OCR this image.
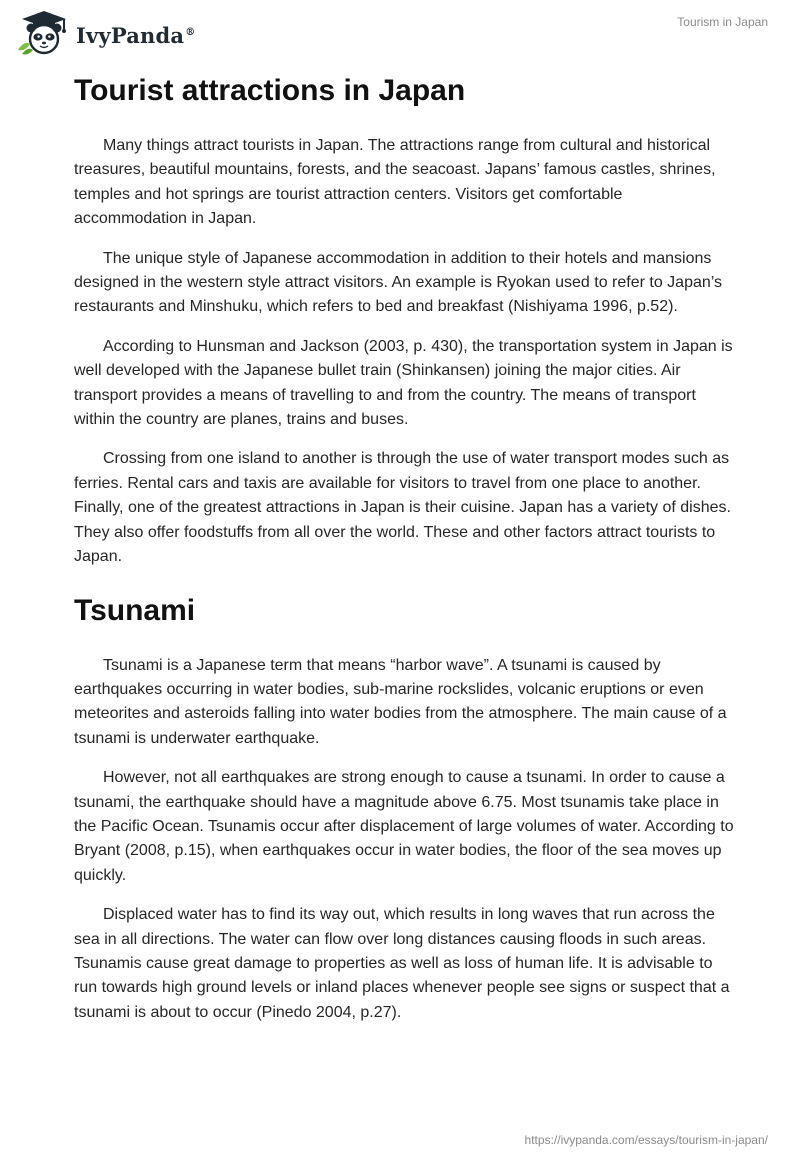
IvyPanda®
Tourism in Japan
Tourist attractions in Japan

Many things attract tourists in Japan. The attractions range from cultural and historical treasures, beautiful mountains, forests, and the seacoast. Japans’ famous castles, shrines, temples and hot springs are tourist attraction centers. Visitors get comfortable accommodation in Japan.

The unique style of Japanese accommodation in addition to their hotels and mansions designed in the western style attract visitors. An example is Ryokan used to refer to Japan’s restaurants and Minshuku, which refers to bed and breakfast (Nishiyama 1996, p.52).

According to Hunsman and Jackson (2003, p. 430), the transportation system in Japan is well developed with the Japanese bullet train (Shinkansen) joining the major cities. Air transport provides a means of travelling to and from the country. The means of transport within the country are planes, trains and buses.

Crossing from one island to another is through the use of water transport modes such as ferries. Rental cars and taxis are available for visitors to travel from one place to another. Finally, one of the greatest attractions in Japan is their cuisine. Japan has a variety of dishes. They also offer foodstuffs from all over the world. These and other factors attract tourists to Japan.

Tsunami

Tsunami is a Japanese term that means “harbor wave”. A tsunami is caused by earthquakes occurring in water bodies, sub-marine rockslides, volcanic eruptions or even meteorites and asteroids falling into water bodies from the atmosphere. The main cause of a tsunami is underwater earthquake.

However, not all earthquakes are strong enough to cause a tsunami. In order to cause a tsunami, the earthquake should have a magnitude above 6.75. Most tsunamis take place in the Pacific Ocean. Tsunamis occur after displacement of large volumes of water. According to Bryant (2008, p.15), when earthquakes occur in water bodies, the floor of the sea moves up quickly.

Displaced water has to find its way out, which results in long waves that run across the sea in all directions. The water can flow over long distances causing floods in such areas. Tsunamis cause great damage to properties as well as loss of human life. It is advisable to run towards high ground levels or inland places whenever people see signs or suspect that a tsunami is about to occur (Pinedo 2004, p.27).

https://ivypanda.com/essays/tourism-in-japan/
